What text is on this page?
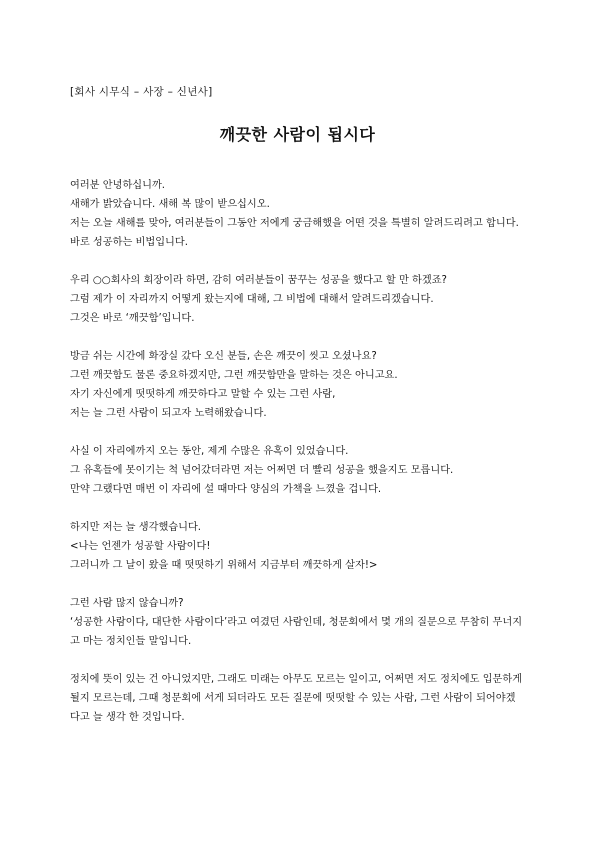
[회사 시무식 – 사장 – 신년사]
깨끗한 사람이 됩시다

여러분 안녕하십니까.
새해가 밝았습니다. 새해 복 많이 받으십시오.
저는 오늘 새해를 맞아, 여러분들이 그동안 저에게 궁금해했을 어떤 것을 특별히 알려드리려고 합니다.
바로 성공하는 비법입니다.

우리 ○○회사의 회장이라 하면, 감히 여러분들이 꿈꾸는 성공을 했다고 할 만 하겠죠?
그럼 제가 이 자리까지 어떻게 왔는지에 대해, 그 비법에 대해서 알려드리겠습니다.
그것은 바로 ‘깨끗함’입니다.

방금 쉬는 시간에 화장실 갔다 오신 분들, 손은 깨끗이 씻고 오셨나요?
그런 깨끗함도 물론 중요하겠지만, 그런 깨끗함만을 말하는 것은 아니고요.
자기 자신에게 떳떳하게 깨끗하다고 말할 수 있는 그런 사람,
저는 늘 그런 사람이 되고자 노력해왔습니다.

사실 이 자리에까지 오는 동안, 제게 수많은 유혹이 있었습니다.
그 유혹들에 못이기는 척 넘어갔더라면 저는 어쩌면 더 빨리 성공을 했을지도 모릅니다.
만약 그랬다면 매번 이 자리에 설 때마다 양심의 가책을 느꼈을 겁니다.

하지만 저는 늘 생각했습니다.
<나는 언젠가 성공할 사람이다!
그러니까 그 날이 왔을 때 떳떳하기 위해서 지금부터 깨끗하게 살자!>

그런 사람 많지 않습니까?
‘성공한 사람이다, 대단한 사람이다’라고 여겼던 사람인데, 청문회에서 몇 개의 질문으로 무참히 무너지고 마는 정치인들 말입니다.

정치에 뜻이 있는 건 아니었지만, 그래도 미래는 아무도 모르는 일이고, 어쩌면 저도 정치에도 입문하게 될지 모르는데, 그때 청문회에 서게 되더라도 모든 질문에 떳떳할 수 있는 사람, 그런 사람이 되어야겠다고 늘 생각 한 것입니다.
